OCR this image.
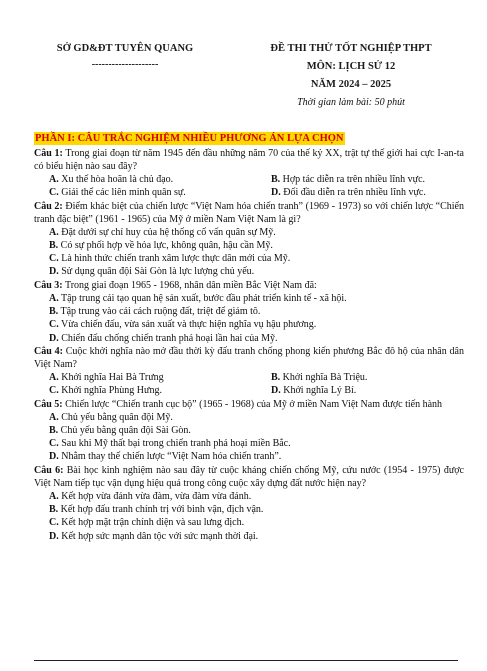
SỞ GD&ĐT TUYÊN QUANG
--------------------
ĐỀ THI THỬ TỐT NGHIỆP THPT
MÔN: LỊCH SỬ 12
NĂM 2024 – 2025
Thời gian làm bài: 50 phút
PHẦN I: CÂU TRẮC NGHIỆM NHIỀU PHƯƠNG ÁN LỰA CHỌN
Câu 1: Trong giai đoạn từ năm 1945 đến đầu những năm 70 của thế kỷ XX, trật tự thế giới hai cực I-an-ta có biểu hiện nào sau đây?
A. Xu thế hòa hoãn là chủ đạo.	B. Hợp tác diễn ra trên nhiều lĩnh vực.
C. Giải thể các liên minh quân sự.	D. Đối đầu diễn ra trên nhiều lĩnh vực.
Câu 2: Điểm khác biệt của chiến lược “Việt Nam hóa chiến tranh” (1969 - 1973) so với chiến lược “Chiến tranh đặc biệt” (1961 - 1965) của Mỹ ở miền Nam Việt Nam là gì?
A. Đặt dưới sự chỉ huy của hệ thống cố vấn quân sự Mỹ.
B. Có sự phối hợp về hỏa lực, không quân, hậu cần Mỹ.
C. Là hình thức chiến tranh xâm lược thực dân mới của Mỹ.
D. Sử dụng quân đội Sài Gòn là lực lượng chủ yếu.
Câu 3: Trong giai đoạn 1965 - 1968, nhân dân miền Bắc Việt Nam đã:
A. Tập trung cải tạo quan hệ sản xuất, bước đầu phát triển kinh tế - xã hội.
B. Tập trung vào cải cách ruộng đất, triệt để giảm tô.
C. Vừa chiến đấu, vừa sản xuất và thực hiện nghĩa vụ hậu phương.
D. Chiến đấu chống chiến tranh phá hoại lần hai của Mỹ.
Câu 4: Cuộc khởi nghĩa nào mở đầu thời kỳ đấu tranh chống phong kiến phương Bắc đô hộ của nhân dân Việt Nam?
A. Khởi nghĩa Hai Bà Trưng	B. Khởi nghĩa Bà Triệu.
C. Khởi nghĩa Phùng Hưng.	D. Khởi nghĩa Lý Bí.
Câu 5: Chiến lược “Chiến tranh cục bộ” (1965 - 1968) của Mỹ ở miền Nam Việt Nam được tiến hành
A. Chủ yếu bằng quân đội Mỹ.
B. Chủ yếu bằng quân đội Sài Gòn.
C. Sau khi Mỹ thất bại trong chiến tranh phá hoại miền Bắc.
D. Nhằm thay thế chiến lược “Việt Nam hóa chiến tranh”.
Câu 6: Bài học kinh nghiệm nào sau đây từ cuộc kháng chiến chống Mỹ, cứu nước (1954 - 1975) được Việt Nam tiếp tục vận dụng hiệu quả trong công cuộc xây dựng đất nước hiện nay?
A. Kết hợp vừa đánh vừa đàm, vừa đàm vừa đánh.
B. Kết hợp đấu tranh chính trị với binh vận, địch vận.
C. Kết hợp mặt trận chính diện và sau lưng địch.
D. Kết hợp sức mạnh dân tộc với sức mạnh thời đại.
